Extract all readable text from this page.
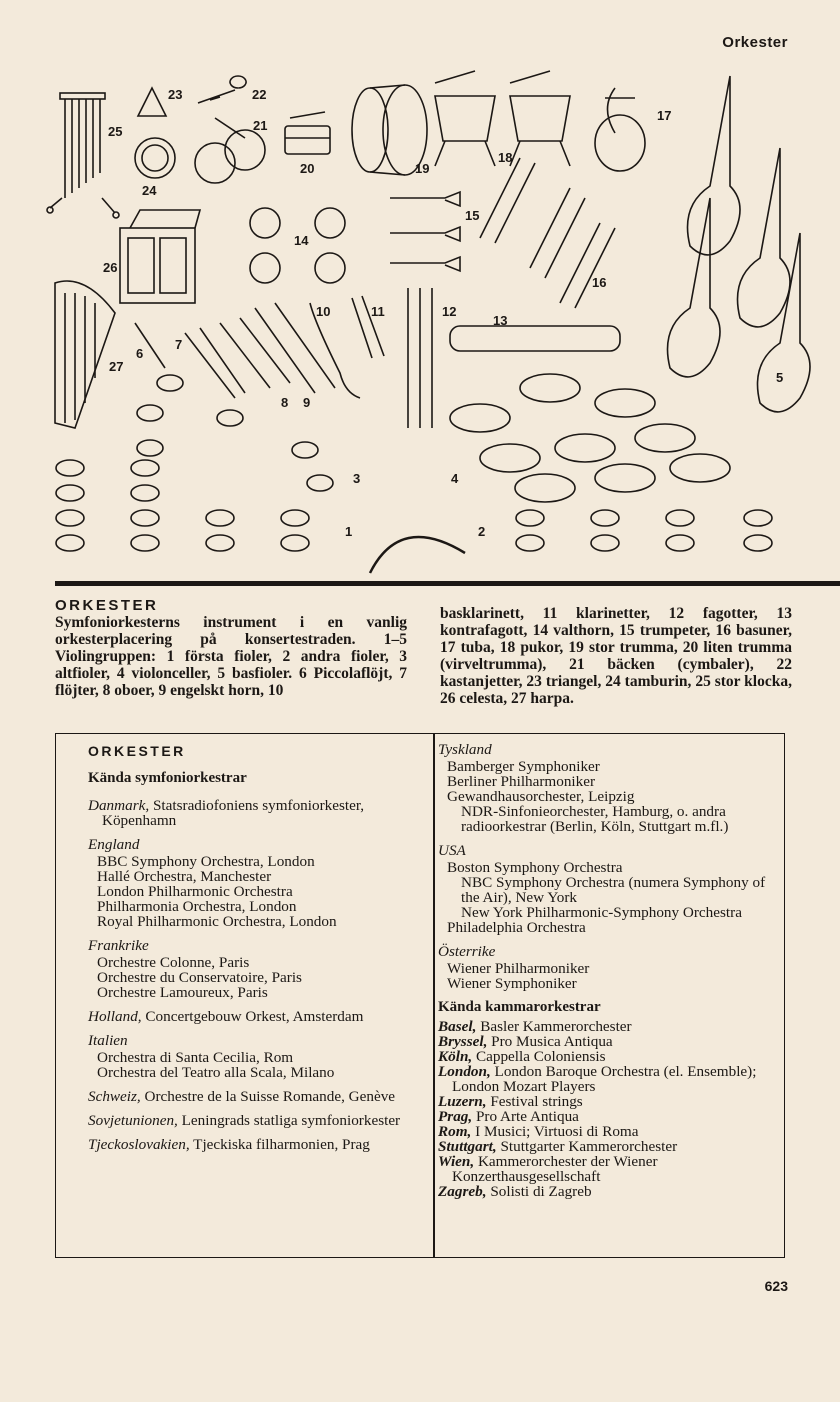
Orkester
23	22
21
25
20	19
18
17
24
15
14
26
16
10	11	12
13
7
6
27
5
8 9
3	4
1	2
ORKESTER

Symfoniorkesterns instrument i en vanlig orkesterplacering på konsertestraden. 1–5 Violingruppen: 1 första fioler, 2 andra fioler, 3 altfioler, 4 violonceller, 5 basfioler. 6 Piccolaflöjt, 7 flöjter, 8 oboer, 9 engelskt horn, 10

basklarinett, 11 klarinetter, 12 fagotter, 13 kontrafagott, 14 valthorn, 15 trumpeter, 16 basuner, 17 tuba, 18 pukor, 19 stor trumma, 20 liten trumma (virveltrumma), 21 bäcken (cymbaler), 22 kastanjetter, 23 triangel, 24 tamburin, 25 stor klocka, 26 celesta, 27 harpa.

ORKESTER
Kända symfoniorkestrar
Danmark, Statsradiofoniens symfoniorkester, Köpenhamn
England
BBC Symphony Orchestra, London
Hallé Orchestra, Manchester
London Philharmonic Orchestra
Philharmonia Orchestra, London
Royal Philharmonic Orchestra, London
Frankrike
Orchestre Colonne, Paris
Orchestre du Conservatoire, Paris
Orchestre Lamoureux, Paris
Holland, Concertgebouw Orkest, Amsterdam
Italien
Orchestra di Santa Cecilia, Rom
Orchestra del Teatro alla Scala, Milano
Schweiz, Orchestre de la Suisse Romande, Genève
Sovjetunionen, Leningrads statliga symfoniorkester
Tjeckoslovakien, Tjeckiska filharmonien, Prag
Tyskland
Bamberger Symphoniker
Berliner Philharmoniker
Gewandhausorchester, Leipzig
NDR-Sinfonieorchester, Hamburg, o. andra radioorkestrar (Berlin, Köln, Stuttgart m.fl.)
USA
Boston Symphony Orchestra
NBC Symphony Orchestra (numera Symphony of the Air), New York
New York Philharmonic-Symphony Orchestra
Philadelphia Orchestra
Österrike
Wiener Philharmoniker
Wiener Symphoniker
Kända kammarorkestrar
Basel, Basler Kammerorchester
Bryssel, Pro Musica Antiqua
Köln, Cappella Coloniensis
London, London Baroque Orchestra (el. Ensemble); London Mozart Players
Luzern, Festival strings
Prag, Pro Arte Antiqua
Rom, I Musici; Virtuosi di Roma
Stuttgart, Stuttgarter Kammerorchester
Wien, Kammerorchester der Wiener Konzerthausgesellschaft
Zagreb, Solisti di Zagreb
623
